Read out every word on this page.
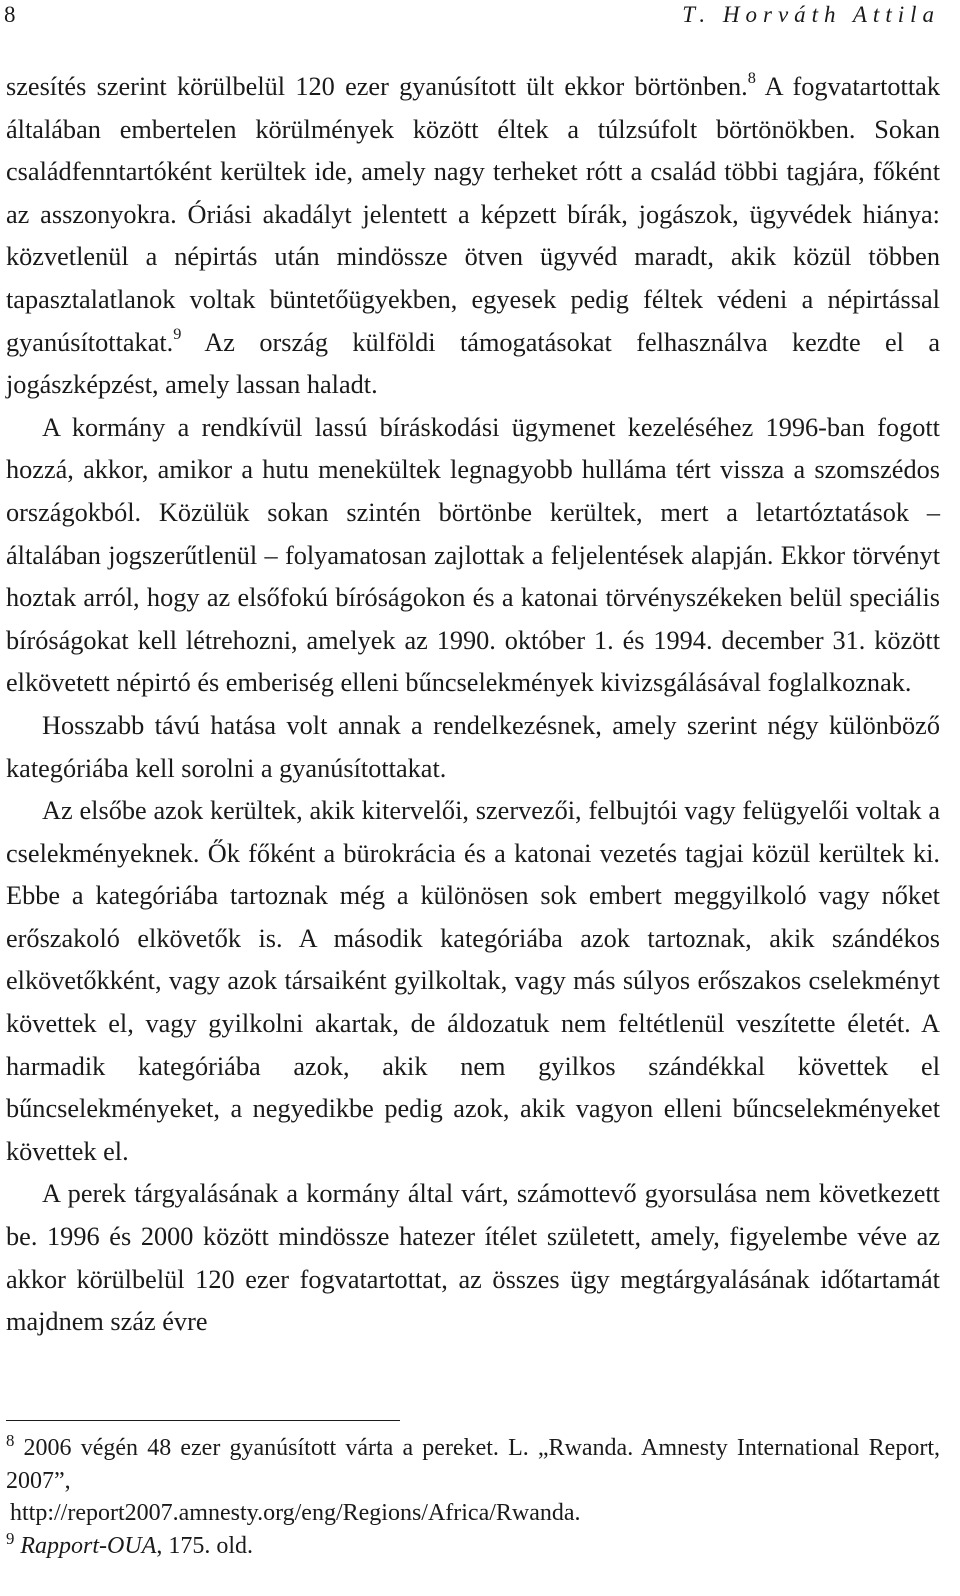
8	T. Horváth Attila

szesítés szerint körülbelül 120 ezer gyanúsított ült ekkor börtönben.$^8$ A fogvatartottak általában embertelen körülmények között éltek a túlzsúfolt börtönökben. Sokan családfenntartóként kerültek ide, amely nagy terheket rótt a család többi tagjára, főként az asszonyokra. Óriási akadályt jelentett a képzett bírák, jogászok, ügyvédek hiánya: közvetlenül a népirtás után mindössze ötven ügyvéd maradt, akik közül többen tapasztalatlanok voltak büntetőügyekben, egyesek pedig féltek védeni a népirtással gyanúsítottakat.$^9$ Az ország külföldi támogatásokat felhasználva kezdte el a jogászképzést, amely lassan haladt.

A kormány a rendkívül lassú bíráskodási ügymenet kezeléséhez 1996-ban fogott hozzá, akkor, amikor a hutu menekültek legnagyobb hulláma tért vissza a szomszédos országokból. Közülük sokan szintén börtönbe kerültek, mert a letartóztatások – általában jogszerűtlenül – folyamatosan zajlottak a feljelentések alapján. Ekkor törvényt hoztak arról, hogy az elsőfokú bíróságokon és a katonai törvényszékeken belül speciális bíróságokat kell létrehozni, amelyek az 1990. október 1. és 1994. december 31. között elkövetett népirtó és emberiség elleni bűncselekmények kivizsgálásával foglalkoznak.

Hosszabb távú hatása volt annak a rendelkezésnek, amely szerint négy különböző kategóriába kell sorolni a gyanúsítottakat.

Az elsőbe azok kerültek, akik kitervelői, szervezői, felbujtói vagy felügyelői voltak a cselekményeknek. Ők főként a bürokrácia és a katonai vezetés tagjai közül kerültek ki. Ebbe a kategóriába tartoznak még a különösen sok embert meggyilkoló vagy nőket erőszakoló elkövetők is. A második kategóriába azok tartoznak, akik szándékos elkövetőkként, vagy azok társaiként gyilkoltak, vagy más súlyos erőszakos cselekményt követtek el, vagy gyilkolni akartak, de áldozatuk nem feltétlenül veszítette életét. A harmadik kategóriába azok, akik nem gyilkos szándékkal követtek el bűncselekményeket, a negyedikbe pedig azok, akik vagyon elleni bűncselekményeket követtek el.

A perek tárgyalásának a kormány által várt, számottevő gyorsulása nem következett be. 1996 és 2000 között mindössze hatezer ítélet született, amely, figyelembe véve az akkor körülbelül 120 ezer fogvatartottat, az összes ügy megtárgyalásának időtartamát majdnem száz évre

$^8$ 2006 végén 48 ezer gyanúsított várta a pereket. L. „Rwanda. Amnesty International Report, 2007”,

http://report2007.amnesty.org/eng/Regions/Africa/Rwanda.

$^9$ Rapport-OUA, 175. old.
